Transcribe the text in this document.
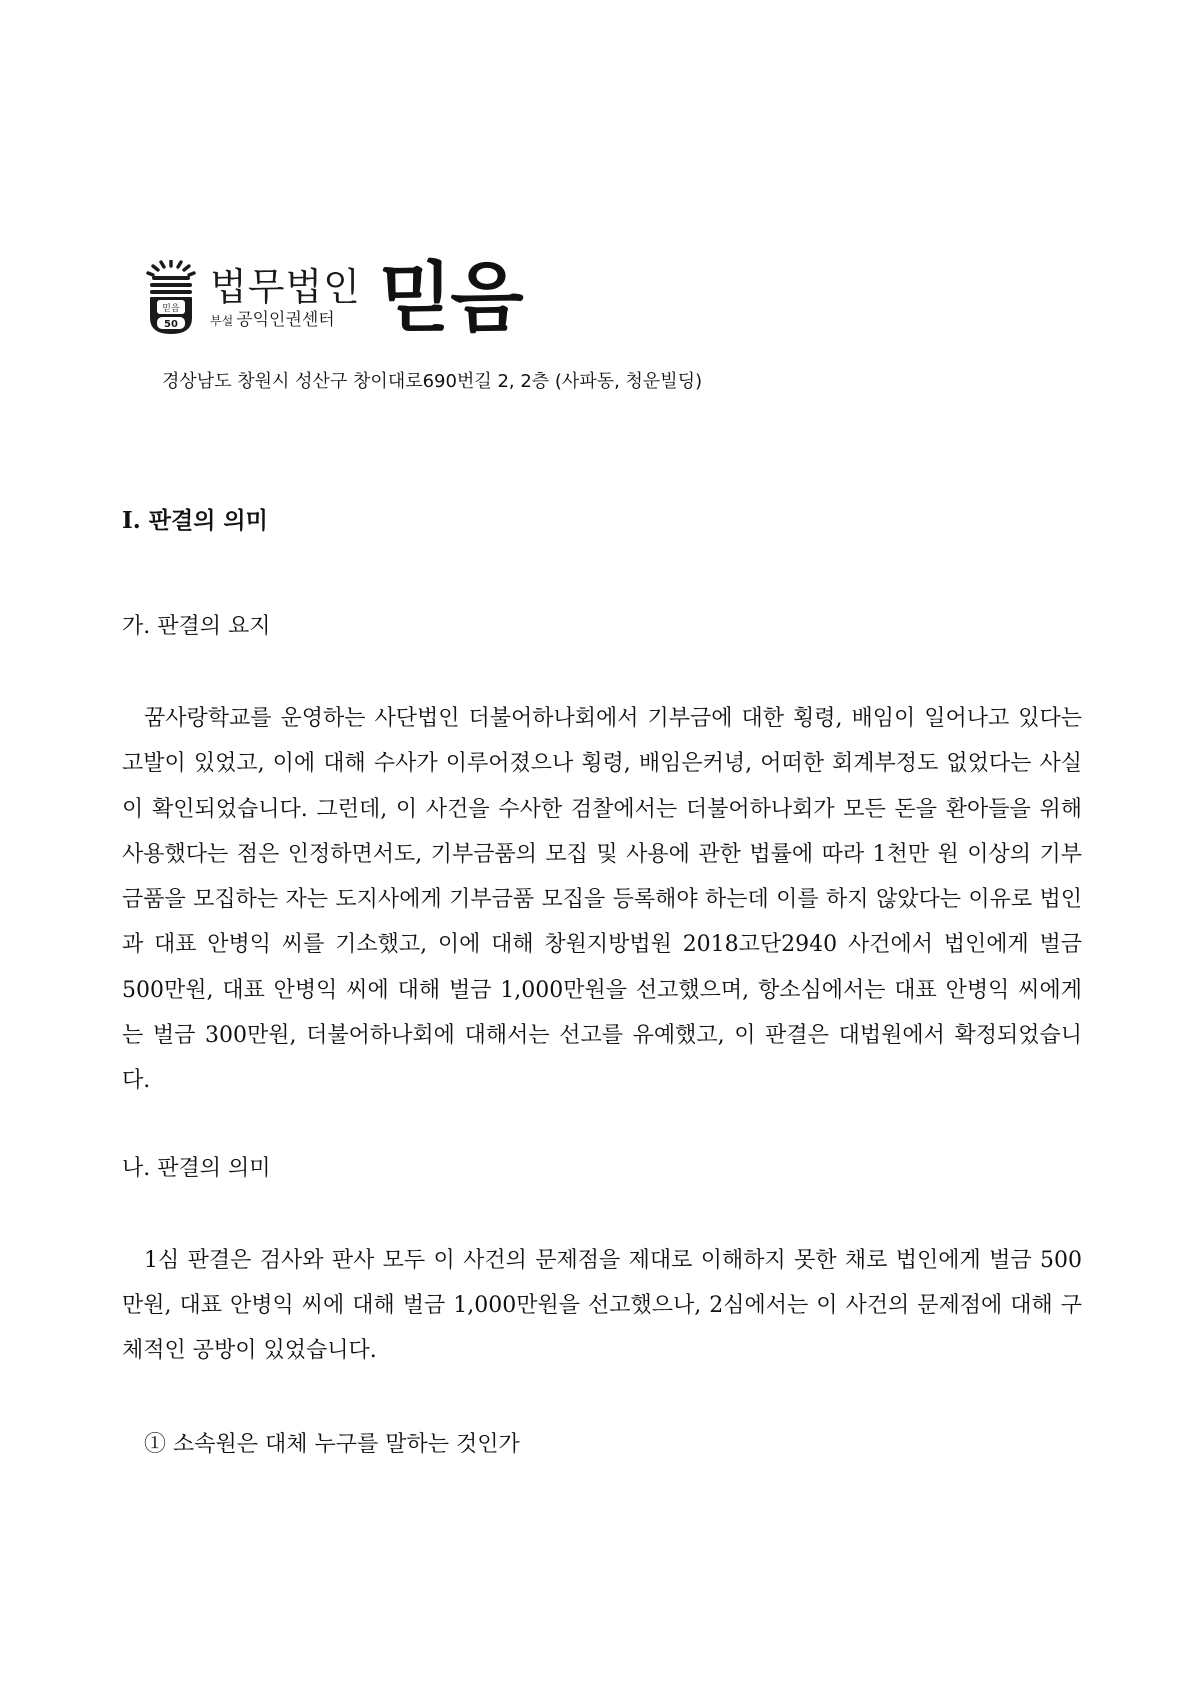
믿음
50
법무법인
부설 공익인권센터 믿음
경상남도 창원시 성산구 창이대로690번길 2, 2층 (사파동, 청운빌딩)
Ⅰ. 판결의 의미
가. 판결의 요지

꿈사랑학교를 운영하는 사단법인 더불어하나회에서 기부금에 대한 횡령, 배임이 일어나고 있다는 고발이 있었고, 이에 대해 수사가 이루어졌으나 횡령, 배임은커녕, 어떠한 회계부정도 없었다는 사실이 확인되었습니다. 그런데, 이 사건을 수사한 검찰에서는 더불어하나회가 모든 돈을 환아들을 위해 사용했다는 점은 인정하면서도, 기부금품의 모집 및 사용에 관한 법률에 따라 1천만 원 이상의 기부금품을 모집하는 자는 도지사에게 기부금품 모집을 등록해야 하는데 이를 하지 않았다는 이유로 법인과 대표 안병익 씨를 기소했고, 이에 대해 창원지방법원 2018고단2940 사건에서 법인에게 벌금 500만원, 대표 안병익 씨에 대해 벌금 1,000만원을 선고했으며, 항소심에서는 대표 안병익 씨에게는 벌금 300만원, 더불어하나회에 대해서는 선고를 유예했고, 이 판결은 대법원에서 확정되었습니다.

나. 판결의 의미

1심 판결은 검사와 판사 모두 이 사건의 문제점을 제대로 이해하지 못한 채로 법인에게 벌금 500만원, 대표 안병익 씨에 대해 벌금 1,000만원을 선고했으나, 2심에서는 이 사건의 문제점에 대해 구체적인 공방이 있었습니다.

① 소속원은 대체 누구를 말하는 것인가
